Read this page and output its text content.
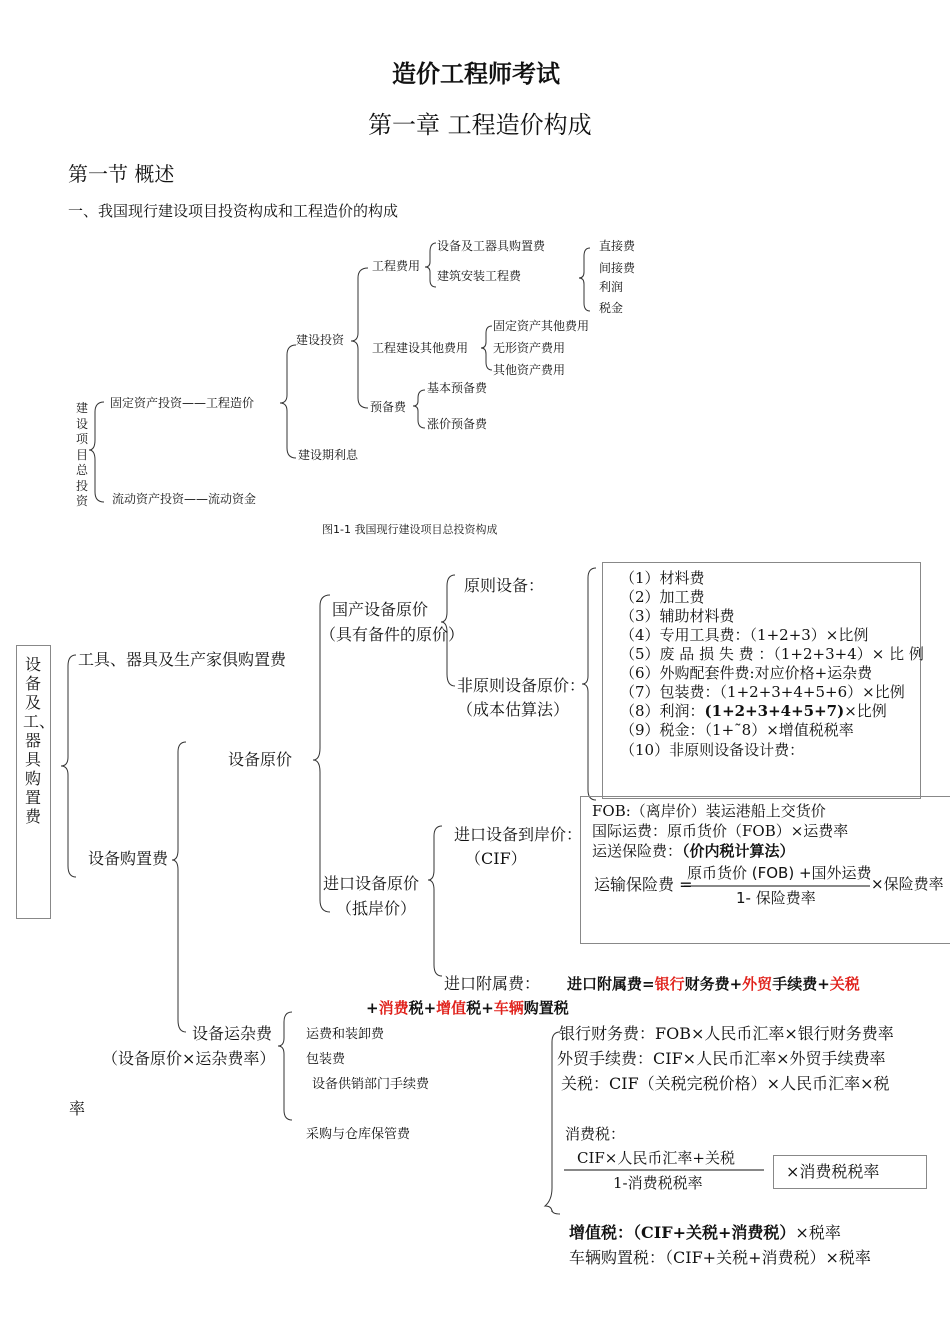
造价工程师考试
第一章 工程造价构成
第一节 概述
一、我国现行建设项目投资构成和工程造价的构成
建设项目总投资
固定资产投资——工程造价
流动资产投资——流动资金
建设投资
建设期利息
工程费用
设备及工器具购置费
建筑安装工程费
直接费
间接费
利润
税金
工程建设其他费用
固定资产其他费用
无形资产费用
其他资产费用
预备费
基本预备费
涨价预备费
图1-1 我国现行建设项目总投资构成
设备及工、器具购置费
工具、器具及生产家俱购置费
设备购置费
设备原价
国产设备原价
（具有备件的原价）
原则设备：
非原则设备原价：
（成本估算法）
（1）材料费
（2）加工费
（3）辅助材料费
（4）专用工具费：（1+2+3）×比例
（5）废 品 损 失 费 ：（1+2+3+4）× 比 例
（6）外购配套件费:对应价格+运杂费
（7）包装费：（1+2+3+4+5+6）×比例
（8）利润：(1+2+3+4+5+7)×比例
（9）税金：（1+˜8）×增值税税率
（10）非原则设备设计费：
进口设备原价
（抵岸价）
进口设备到岸价：
（CIF）
FOB:（离岸价）装运港船上交货价
国际运费：原币货价（FOB）×运费率
运送保险费：（价内税计算法）
运输保险费 =
原币货价 (FOB) +国外运费
1- 保险费率
×保险费率
进口附属费： 进口附属费=银行财务费+外贸手续费+关税
+消费税+增值税+车辆购置税
设备运杂费
（设备原价×运杂费率）
率
运费和装卸费
包装费
设备供销部门手续费
采购与仓库保管费
银行财务费：FOB×人民币汇率×银行财务费率
外贸手续费：CIF×人民币汇率×外贸手续费率
关税：CIF（关税完税价格）×人民币汇率×税
消费税：
CIF×人民币汇率+关税
1-消费税税率
×消费税税率
增值税：（CIF+关税+消费税）×税率
车辆购置税：（CIF+关税+消费税）×税率
